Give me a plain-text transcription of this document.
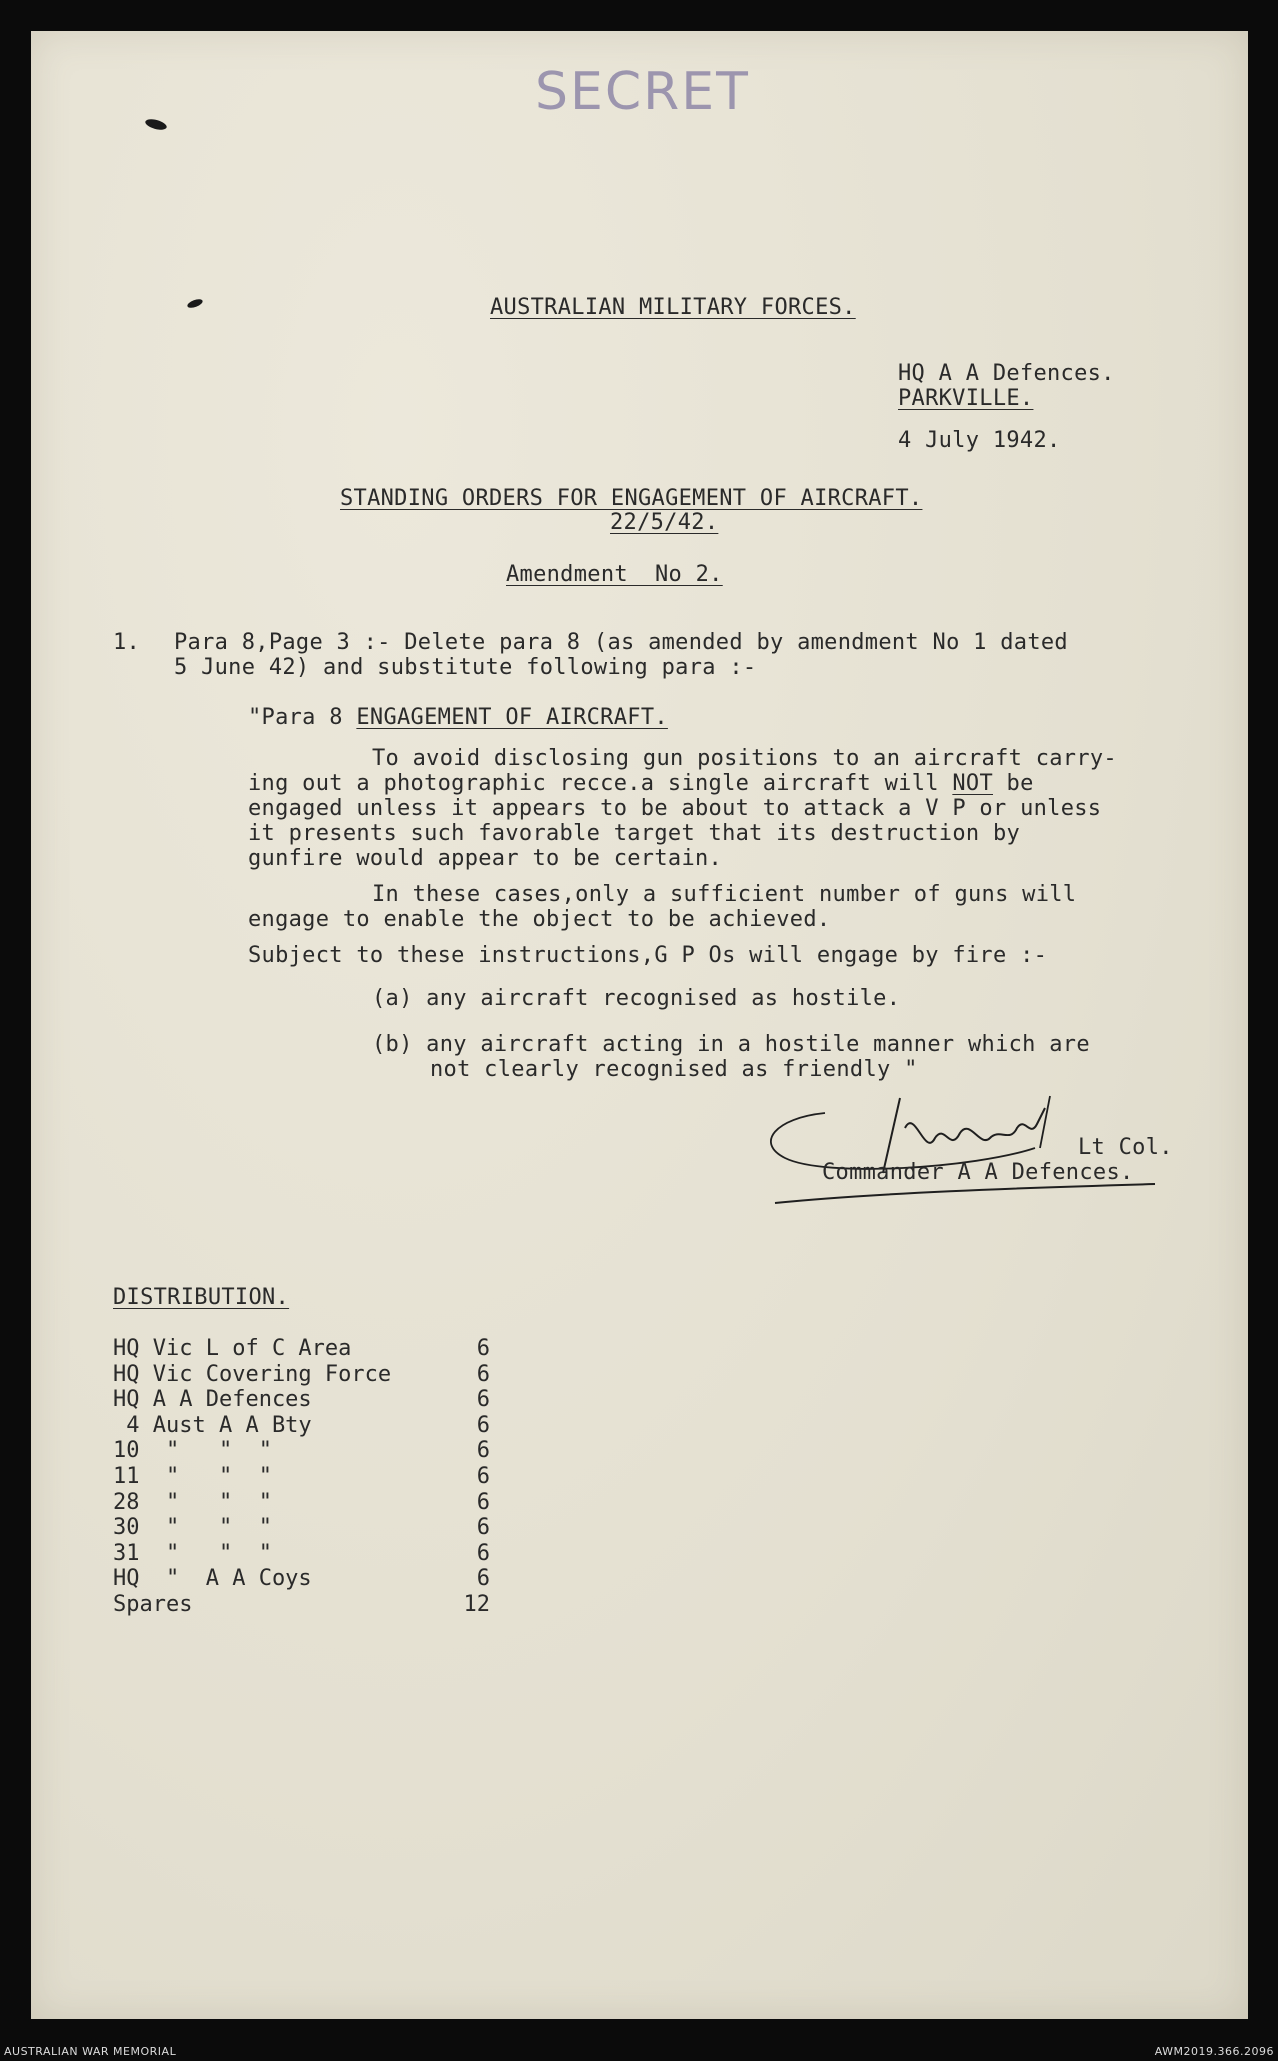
SECRET
AUSTRALIAN MILITARY FORCES.
HQ A A Defences.
PARKVILLE.
4 July 1942.
STANDING ORDERS FOR ENGAGEMENT OF AIRCRAFT.
22/5/42.
Amendment  No 2.
1. Para 8,Page 3 :- Delete para 8 (as amended by amendment No 1 dated
5 June 42) and substitute following para :-
"Para 8 ENGAGEMENT OF AIRCRAFT.
To avoid disclosing gun positions to an aircraft carry-
ing out a photographic recce.a single aircraft will NOT be
engaged unless it appears to be about to attack a V P or unless
it presents such favorable target that its destruction by
gunfire would appear to be certain.
In these cases,only a sufficient number of guns will
engage to enable the object to be achieved.
Subject to these instructions,G P Os will engage by fire :-
(a) any aircraft recognised as hostile.
(b) any aircraft acting in a hostile manner which are
not clearly recognised as friendly "
Lt Col.
Commander A A Defences.
DISTRIBUTION.
HQ Vic L of C Area	6
HQ Vic Covering Force	6
HQ A A Defences	6
4 Aust A A Bty	6
10  "   "  "	6
11  "   "  "	6
28  "   "  "	6
30  "   "  "	6
31  "   "  "	6
HQ  "  A A Coys	6
Spares	12
AUSTRALIAN WAR MEMORIAL	AWM2019.366.2096
